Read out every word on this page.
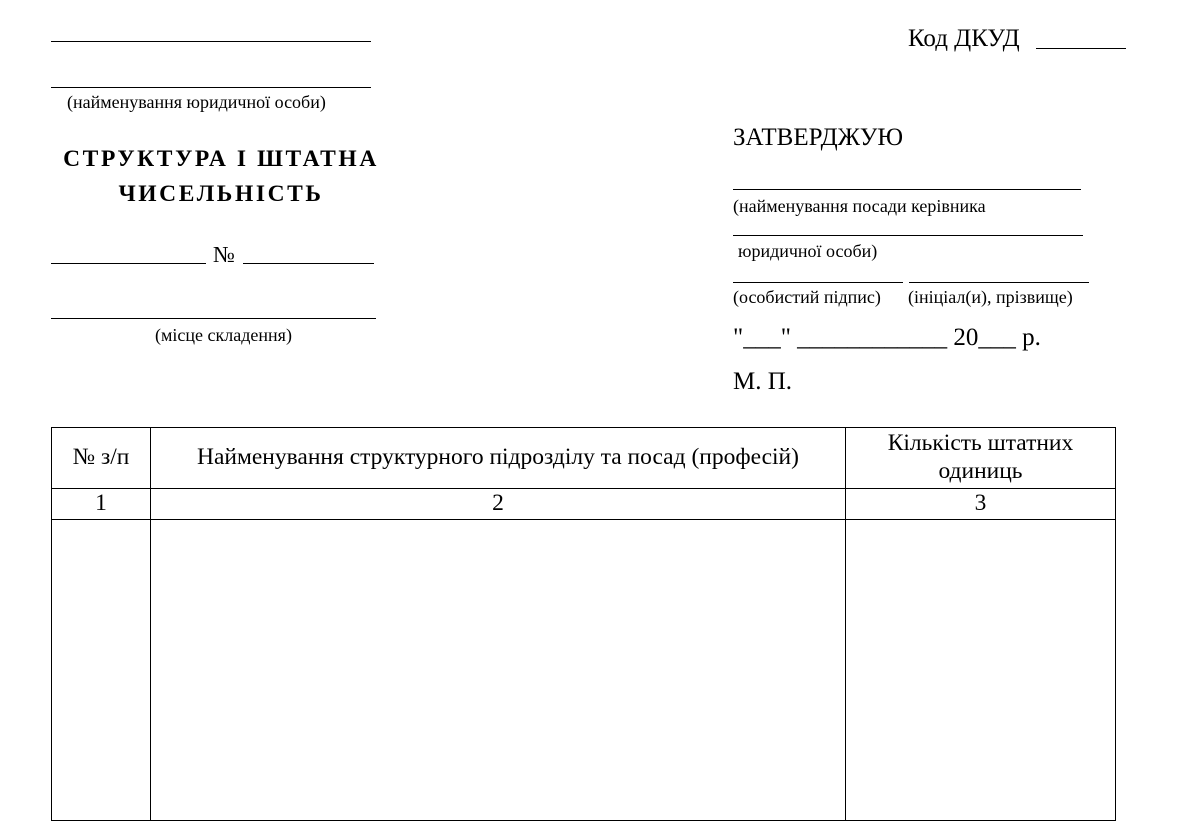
(найменування юридичної особи)
Код ДКУД
СТРУКТУРА І ШТАТНА
ЧИСЕЛЬНІСТЬ
№
(місце складення)
ЗАТВЕРДЖУЮ
(найменування посади керівника
юридичної особи)
(особистий підпис) (ініціал(и), прізвище)
"___" ____________ 20___ р.
М. П.
№ з/п	Найменування структурного підрозділу та посад (професій)	Кількість штатних одиниць
1	2	3
